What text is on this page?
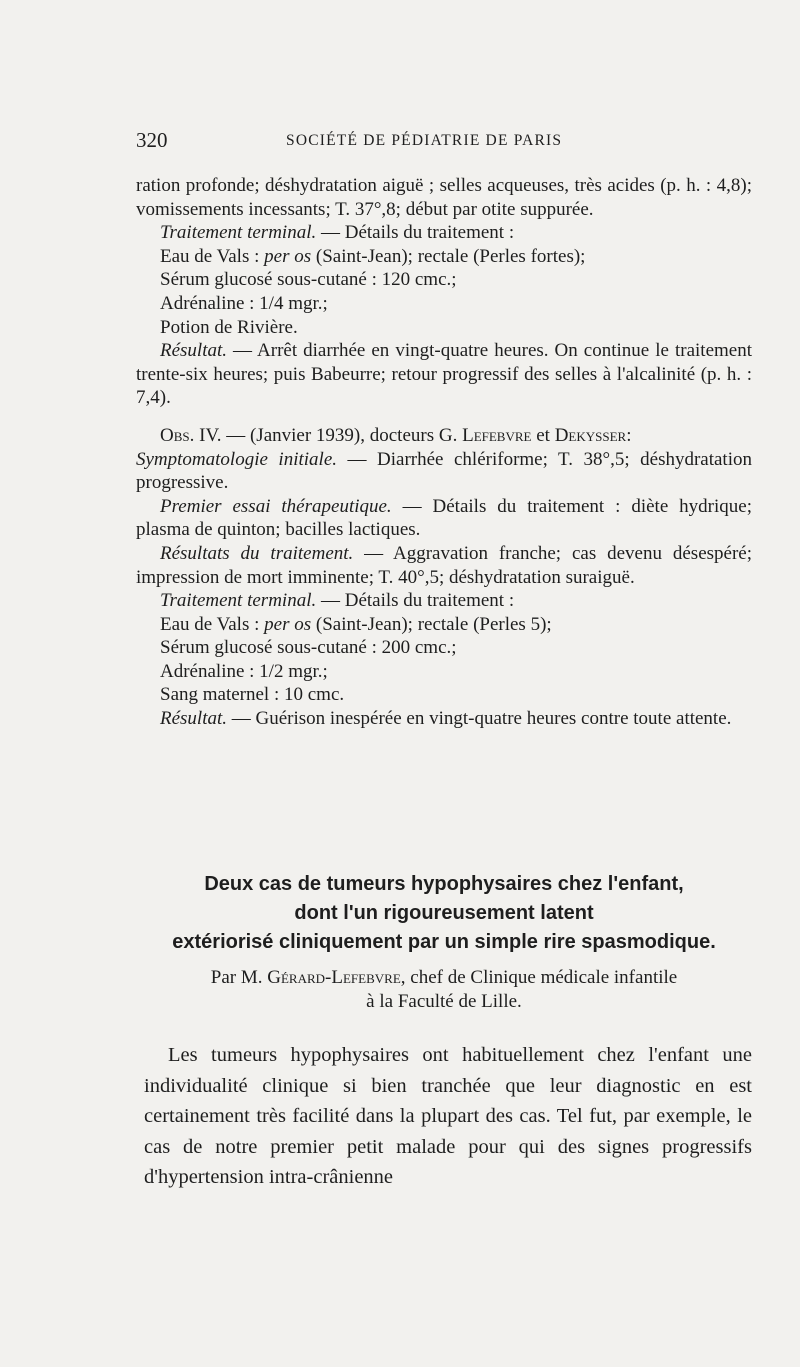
320	SOCIÉTÉ DE PÉDIATRIE DE PARIS

ration profonde; déshydratation aiguë ; selles acqueuses, très acides (p. h. : 4,8); vomissements incessants; T. 37°,8; début par otite suppurée.

Traitement terminal. — Détails du traitement :

Eau de Vals : per os (Saint-Jean); rectale (Perles fortes);

Sérum glucosé sous-cutané : 120 cmc.;

Adrénaline : 1/4 mgr.;

Potion de Rivière.

Résultat. — Arrêt diarrhée en vingt-quatre heures. On continue le traitement trente-six heures; puis Babeurre; retour progressif des selles à l'alcalinité (p. h. : 7,4).

Obs. IV. — (Janvier 1939), docteurs G. Lefebvre et Dekysser:

Symptomatologie initiale. — Diarrhée chlériforme; T. 38°,5; déshydratation progressive.

Premier essai thérapeutique. — Détails du traitement : diète hydrique; plasma de quinton; bacilles lactiques.

Résultats du traitement. — Aggravation franche; cas devenu désespéré; impression de mort imminente; T. 40°,5; déshydratation suraiguë.

Traitement terminal. — Détails du traitement :

Eau de Vals : per os (Saint-Jean); rectale (Perles 5);

Sérum glucosé sous-cutané : 200 cmc.;

Adrénaline : 1/2 mgr.;

Sang maternel : 10 cmc.

Résultat. — Guérison inespérée en vingt-quatre heures contre toute attente.

Deux cas de tumeurs hypophysaires chez l'enfant,
dont l'un rigoureusement latent
extériorisé cliniquement par un simple rire spasmodique.
Par M. Gérard-Lefebvre, chef de Clinique médicale infantile
à la Faculté de Lille.

Les tumeurs hypophysaires ont habituellement chez l'enfant une individualité clinique si bien tranchée que leur diagnostic en est certainement très facilité dans la plupart des cas. Tel fut, par exemple, le cas de notre premier petit malade pour qui des signes progressifs d'hypertension intra-crânienne
